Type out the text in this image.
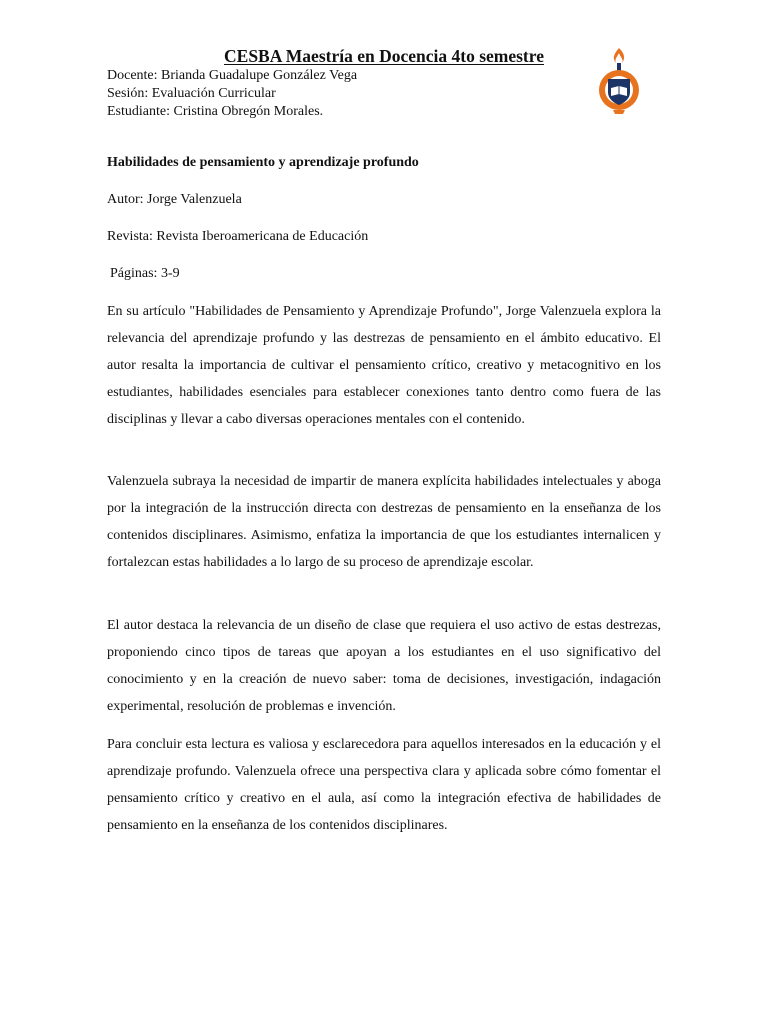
CESBA Maestría en Docencia 4to semestre
Docente: Brianda Guadalupe González Vega
Sesión: Evaluación Curricular
Estudiante: Cristina Obregón Morales.
Habilidades de pensamiento y aprendizaje profundo
Autor: Jorge Valenzuela
Revista: Revista Iberoamericana de Educación
Páginas: 3-9

En su artículo "Habilidades de Pensamiento y Aprendizaje Profundo", Jorge Valenzuela explora la relevancia del aprendizaje profundo y las destrezas de pensamiento en el ámbito educativo. El autor resalta la importancia de cultivar el pensamiento crítico, creativo y metacognitivo en los estudiantes, habilidades esenciales para establecer conexiones tanto dentro como fuera de las disciplinas y llevar a cabo diversas operaciones mentales con el contenido.

Valenzuela subraya la necesidad de impartir de manera explícita habilidades intelectuales y aboga por la integración de la instrucción directa con destrezas de pensamiento en la enseñanza de los contenidos disciplinares. Asimismo, enfatiza la importancia de que los estudiantes internalicen y fortalezcan estas habilidades a lo largo de su proceso de aprendizaje escolar.

El autor destaca la relevancia de un diseño de clase que requiera el uso activo de estas destrezas, proponiendo cinco tipos de tareas que apoyan a los estudiantes en el uso significativo del conocimiento y en la creación de nuevo saber: toma de decisiones, investigación, indagación experimental, resolución de problemas e invención.

Para concluir esta lectura es valiosa y esclarecedora para aquellos interesados en la educación y el aprendizaje profundo. Valenzuela ofrece una perspectiva clara y aplicada sobre cómo fomentar el pensamiento crítico y creativo en el aula, así como la integración efectiva de habilidades de pensamiento en la enseñanza de los contenidos disciplinares.
